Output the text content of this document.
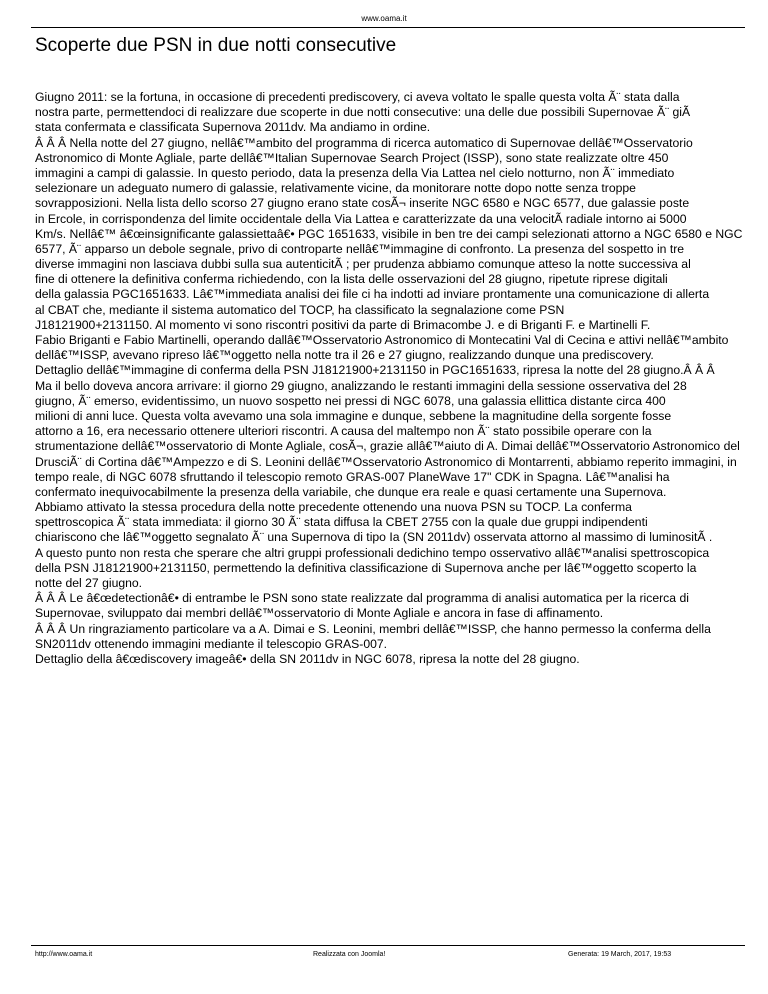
www.oama.it
Scoperte due PSN in due notti consecutive
Giugno 2011: se la fortuna, in occasione di precedenti prediscovery, ci aveva voltato le spalle questa volta Ã¨ stata dalla
nostra parte, permettendoci di realizzare due scoperte in due notti consecutive: una delle due possibili Supernovae Ã¨ giÃ
stata confermata e classificata Supernova 2011dv. Ma andiamo in ordine.
Â Â Â Nella notte del 27 giugno, nellâ€™ambito del programma di ricerca automatico di Supernovae dellâ€™Osservatorio
Astronomico di Monte Agliale, parte dellâ€™Italian Supernovae Search Project (ISSP), sono state realizzate oltre 450
immagini a campi di galassie. In questo periodo, data la presenza della Via Lattea nel cielo notturno, non Ã¨ immediato
selezionare un adeguato numero di galassie, relativamente vicine, da monitorare notte dopo notte senza troppe
sovrapposizioni. Nella lista dello scorso 27 giugno erano state cosÃ¬ inserite NGC 6580 e NGC 6577, due galassie poste
in Ercole, in corrispondenza del limite occidentale della Via Lattea e caratterizzate da una velocitÃ radiale intorno ai 5000
Km/s. Nellâ€™ â€œinsignificante galassiettaâ€• PGC 1651633, visibile in ben tre dei campi selezionati attorno a NGC 6580 e NGC
6577, Ã¨ apparso un debole segnale, privo di controparte nellâ€™immagine di confronto. La presenza del sospetto in tre
diverse immagini non lasciava dubbi sulla sua autenticitÃ ; per prudenza abbiamo comunque atteso la notte successiva al
fine di ottenere la definitiva conferma richiedendo, con la lista delle osservazioni del 28 giugno, ripetute riprese digitali
della galassia PGC1651633. Lâ€™immediata analisi dei file ci ha indotti ad inviare prontamente una comunicazione di allerta
al CBAT che, mediante il sistema automatico del TOCP, ha classificato la segnalazione come PSN
J18121900+2131150. Al momento vi sono riscontri positivi da parte di Brimacombe J. e di Briganti F. e Martinelli F.
Fabio Briganti e Fabio Martinelli, operando dallâ€™Osservatorio Astronomico di Montecatini Val di Cecina e attivi nellâ€™ambito
dellâ€™ISSP, avevano ripreso lâ€™oggetto nella notte tra il 26 e 27 giugno, realizzando dunque una prediscovery.
Dettaglio dellâ€™immagine di conferma della PSN J18121900+2131150 in PGC1651633, ripresa la notte del 28 giugno.Â Â Â
Ma il bello doveva ancora arrivare: il giorno 29 giugno, analizzando le restanti immagini della sessione osservativa del 28
giugno, Ã¨ emerso, evidentissimo, un nuovo sospetto nei pressi di NGC 6078, una galassia ellittica distante circa 400
milioni di anni luce. Questa volta avevamo una sola immagine e dunque, sebbene la magnitudine della sorgente fosse
attorno a 16, era necessario ottenere ulteriori riscontri. A causa del maltempo non Ã¨ stato possibile operare con la
strumentazione dellâ€™osservatorio di Monte Agliale, cosÃ¬, grazie allâ€™aiuto di A. Dimai dellâ€™Osservatorio Astronomico del
DrusciÃ¨ di Cortina dâ€™Ampezzo e di S. Leonini dellâ€™Osservatorio Astronomico di Montarrenti, abbiamo reperito immagini, in
tempo reale, di NGC 6078 sfruttando il telescopio remoto GRAS-007 PlaneWave 17" CDK in Spagna. Lâ€™analisi ha
confermato inequivocabilmente la presenza della variabile, che dunque era reale e quasi certamente una Supernova.
Abbiamo attivato la stessa procedura della notte precedente ottenendo una nuova PSN su TOCP. La conferma
spettroscopica Ã¨ stata immediata: il giorno 30 Ã¨ stata diffusa la CBET 2755 con la quale due gruppi indipendenti
chiariscono che lâ€™oggetto segnalato Ã¨ una Supernova di tipo Ia (SN 2011dv) osservata attorno al massimo di luminositÃ .
A questo punto non resta che sperare che altri gruppi professionali dedichino tempo osservativo allâ€™analisi spettroscopica
della PSN J18121900+2131150, permettendo la definitiva classificazione di Supernova anche per lâ€™oggetto scoperto la
notte del 27 giugno.
Â Â Â Le â€œdetectionâ€• di entrambe le PSN sono state realizzate dal programma di analisi automatica per la ricerca di
Supernovae, sviluppato dai membri dellâ€™osservatorio di Monte Agliale e ancora in fase di affinamento.
Â Â Â Un ringraziamento particolare va a A. Dimai e S. Leonini, membri dellâ€™ISSP, che hanno permesso la conferma della
SN2011dv ottenendo immagini mediante il telescopio GRAS-007.
Dettaglio della â€œdiscovery imageâ€• della SN 2011dv in NGC 6078, ripresa la notte del 28 giugno.
http://www.oama.it	Realizzata con Joomla!	Generata: 19 March, 2017, 19:53
